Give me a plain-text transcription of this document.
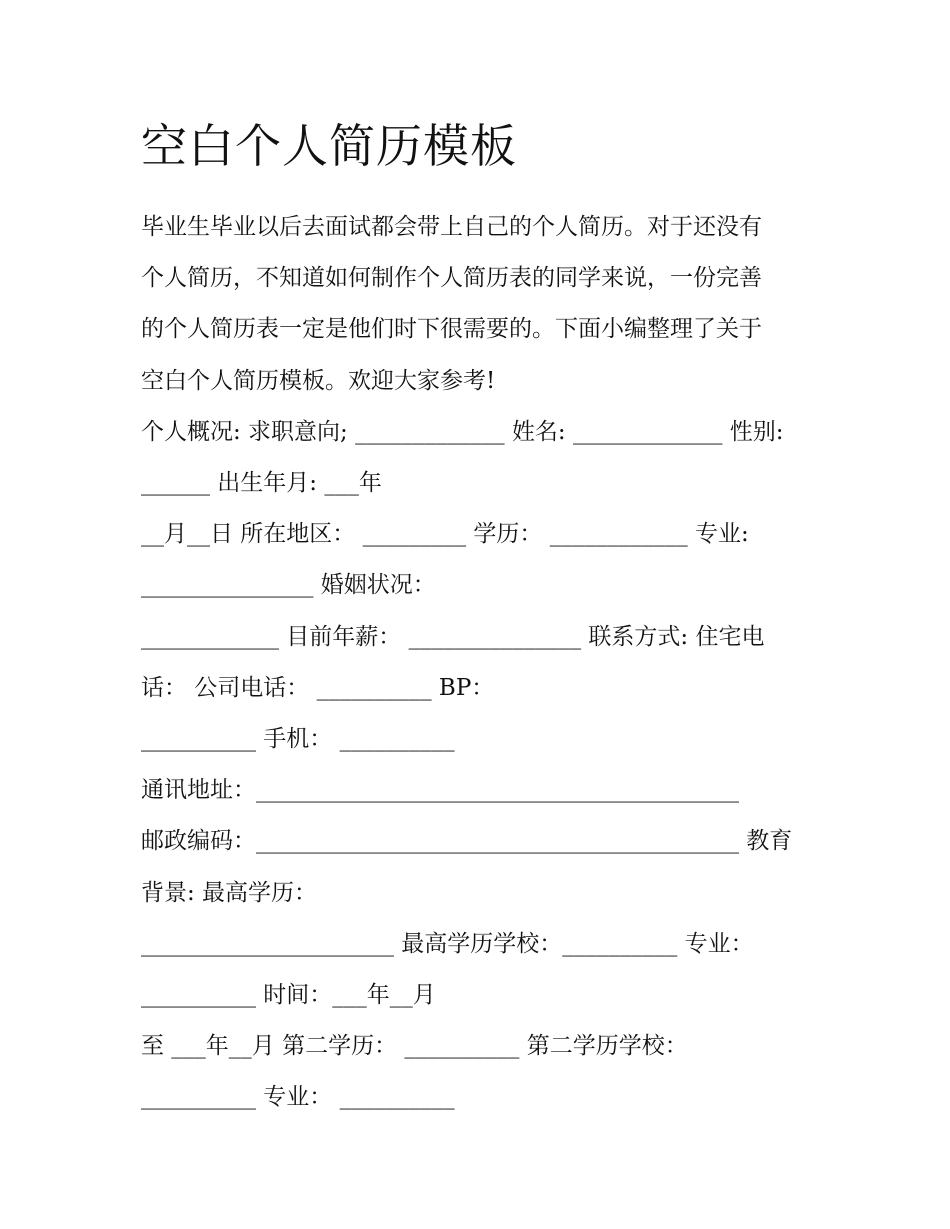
空白个人简历模板

毕业生毕业以后去面试都会带上自己的个人简历。对于还没有

个人简历，不知道如何制作个人简历表的同学来说，一份完善

的个人简历表一定是他们时下很需要的。下面小编整理了关于

空白个人简历模板。欢迎大家参考!

个人概况: 求职意向; _____________ 姓名: _____________ 性别:

______ 出生年月: ___年

__月__日 所在地区： _________ 学历： ____________ 专业:

_______________ 婚姻状况：

____________ 目前年薪： _______________ 联系方式: 住宅电

话： 公司电话： __________ BP：

__________ 手机： __________

通讯地址：__________________________________________

邮政编码：__________________________________________ 教育

背景: 最高学历：

______________________ 最高学历学校：__________ 专业：

__________ 时间：___年__月

至 ___年__月 第二学历： __________ 第二学历学校：

__________ 专业： __________
